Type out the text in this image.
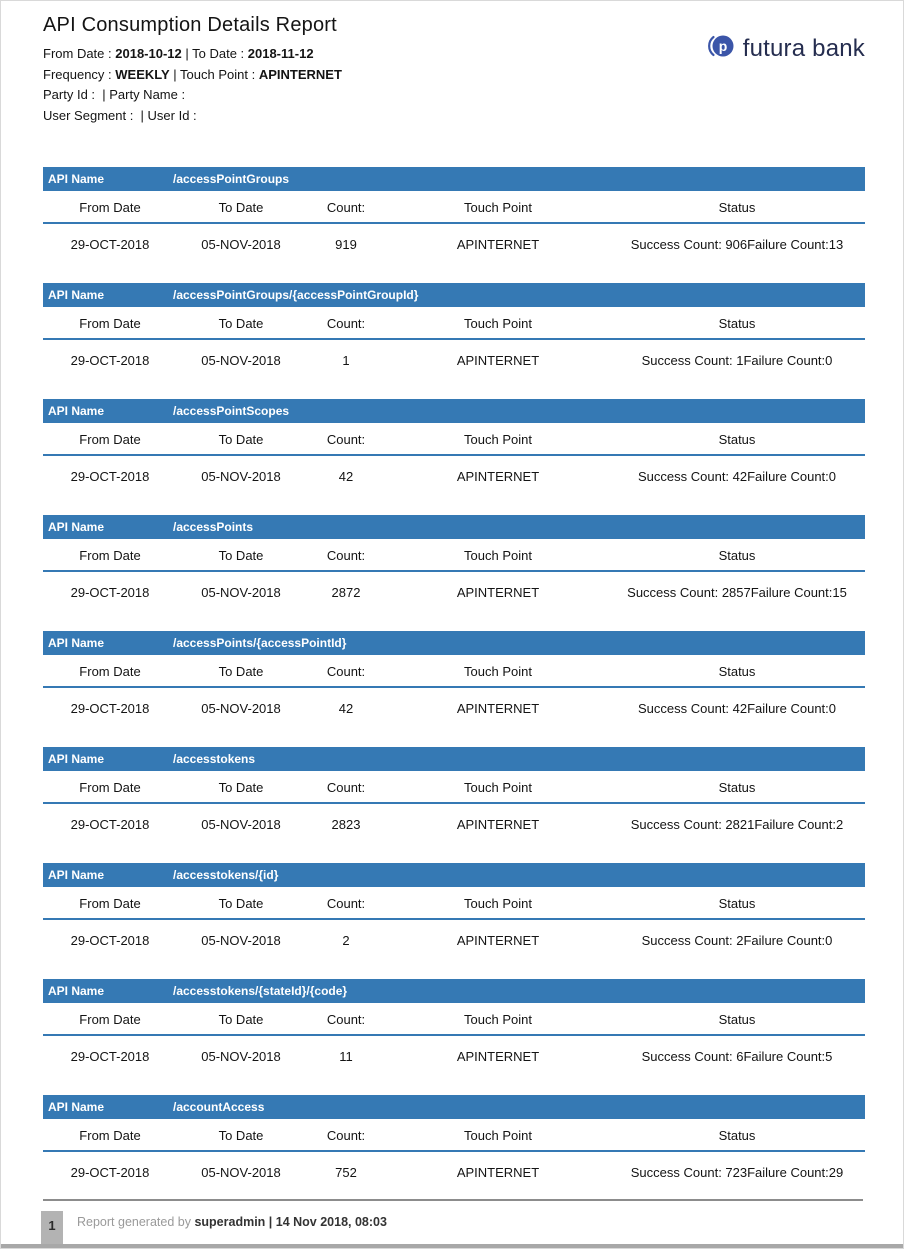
API Consumption Details Report

From Date : 2018-10-12 | To Date : 2018-11-12

Frequency : WEEKLY | Touch Point : APINTERNET

Party Id :  | Party Name :

User Segment :  | User Id :

p futura bank
API Name	/accessPointGroups
From Date	To Date	Count:	Touch Point	Status
29-OCT-2018	05-NOV-2018	919	APINTERNET	Success Count: 906Failure Count:13
API Name	/accessPointGroups/{accessPointGroupId}
From Date	To Date	Count:	Touch Point	Status
29-OCT-2018	05-NOV-2018	1	APINTERNET	Success Count: 1Failure Count:0
API Name	/accessPointScopes
From Date	To Date	Count:	Touch Point	Status
29-OCT-2018	05-NOV-2018	42	APINTERNET	Success Count: 42Failure Count:0
API Name	/accessPoints
From Date	To Date	Count:	Touch Point	Status
29-OCT-2018	05-NOV-2018	2872	APINTERNET	Success Count: 2857Failure Count:15
API Name	/accessPoints/{accessPointId}
From Date	To Date	Count:	Touch Point	Status
29-OCT-2018	05-NOV-2018	42	APINTERNET	Success Count: 42Failure Count:0
API Name	/accesstokens
From Date	To Date	Count:	Touch Point	Status
29-OCT-2018	05-NOV-2018	2823	APINTERNET	Success Count: 2821Failure Count:2
API Name	/accesstokens/{id}
From Date	To Date	Count:	Touch Point	Status
29-OCT-2018	05-NOV-2018	2	APINTERNET	Success Count: 2Failure Count:0
API Name	/accesstokens/{stateId}/{code}
From Date	To Date	Count:	Touch Point	Status
29-OCT-2018	05-NOV-2018	11	APINTERNET	Success Count: 6Failure Count:5
API Name	/accountAccess
From Date	To Date	Count:	Touch Point	Status
29-OCT-2018	05-NOV-2018	752	APINTERNET	Success Count: 723Failure Count:29
1	Report generated by superadmin | 14 Nov 2018, 08:03
